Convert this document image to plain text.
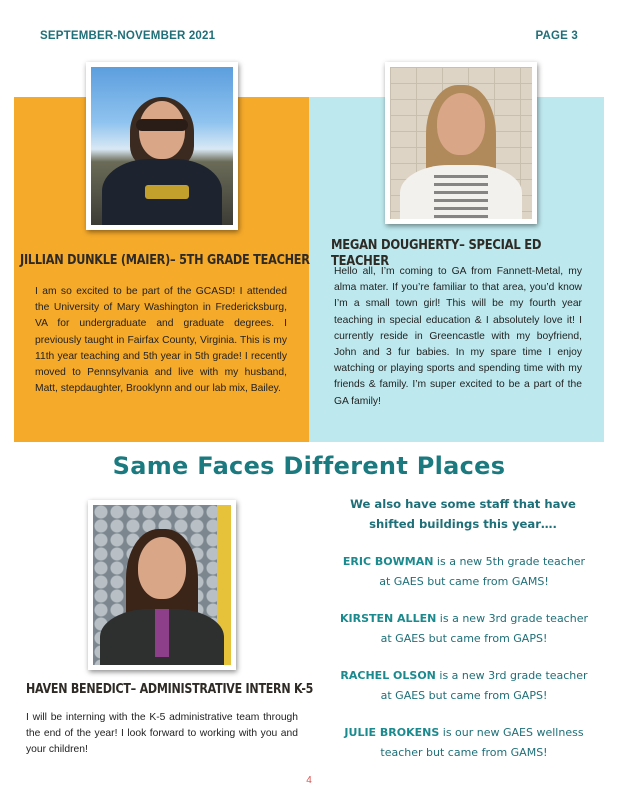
SEPTEMBER-NOVEMBER 2021	PAGE 3
JILLIAN DUNKLE (MAIER)– 5TH GRADE TEACHER
I am so excited to be part of the GCASD! I attended the University of Mary Washington in Fredericksburg, VA for undergraduate and graduate degrees. I previously taught in Fairfax County, Virginia. This is my 11th year teaching and 5th year in 5th grade! I recently moved to Pennsylvania and live with my husband, Matt, stepdaughter, Brooklynn and our lab mix, Bailey.
MEGAN DOUGHERTY– SPECIAL ED TEACHER
Hello all, I’m coming to GA from Fannett-Metal, my alma mater. If you’re familiar to that area, you’d know I’m a small town girl! This will be my fourth year teaching in special education & I absolutely love it! I currently reside in Greencastle with my boyfriend, John and 3 fur babies. In my spare time I enjoy watching or playing sports and spending time with my friends & family. I’m super excited to be a part of the GA family!
Same Faces Different Places
HAVEN BENEDICT– ADMINISTRATIVE INTERN K-5
I will be interning with the K-5 administrative team through the end of the year! I look forward to working with you and your children!
We also have some staff that have shifted buildings this year….
ERIC BOWMAN is a new 5th grade teacher at GAES but came from GAMS!
KIRSTEN ALLEN is a new 3rd grade teacher at GAES but came from GAPS!
RACHEL OLSON is a new 3rd grade teacher at GAES but came from GAPS!
JULIE BROKENS is our new GAES wellness teacher but came from GAMS!
4
